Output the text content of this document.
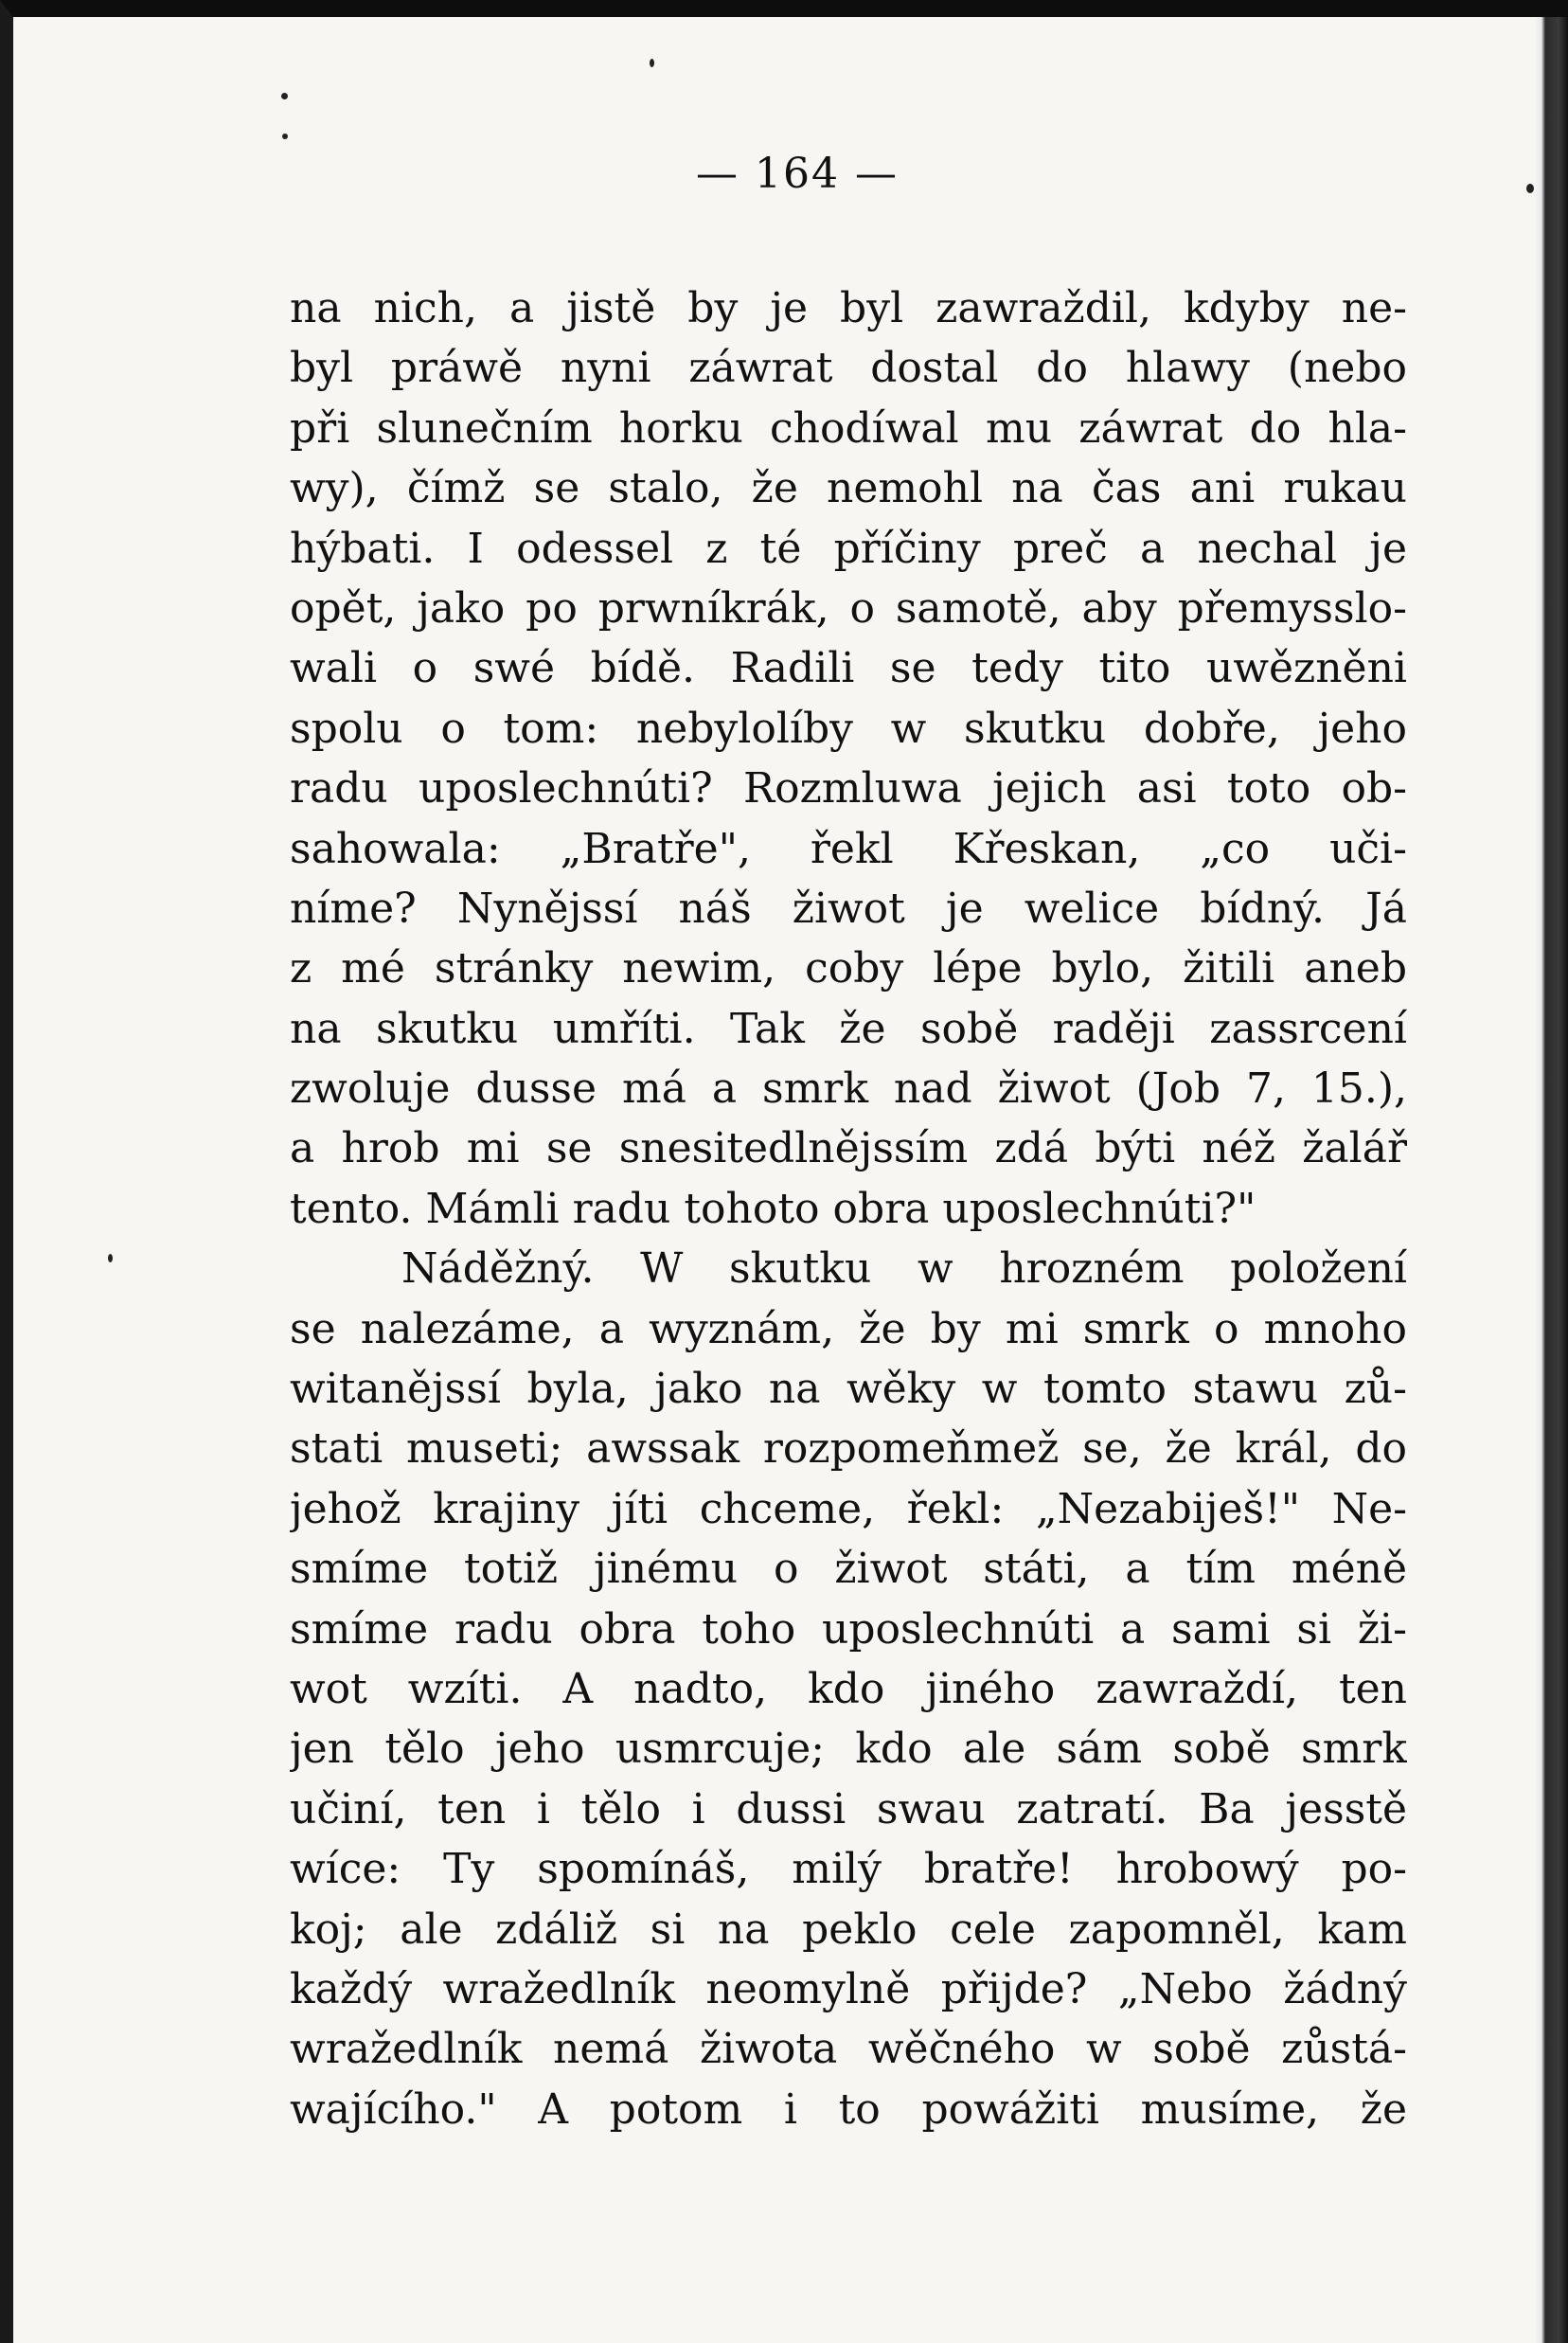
— 164 —
na nich, a jistě by je byl zawraždil, kdyby ne-
byl práwě nyni záwrat dostal do hlawy (nebo
při slunečním horku chodíwal mu záwrat do hla-
wy), čímž se stalo, že nemohl na čas ani rukau
hýbati. I odessel z té příčiny preč a nechal je
opět, jako po prwníkrák, o samotě, aby přemysslo-
wali o swé bídě. Radili se tedy tito uwězněni
spolu o tom: nebylolíby w skutku dobře, jeho
radu uposlechnúti? Rozmluwa jejich asi toto ob-
sahowala: „Bratře", řekl Křeskan, „co uči-
níme? Nynějssí náš žiwot je welice bídný. Já
z mé stránky newim, coby lépe bylo, žitili aneb
na skutku umříti. Tak že sobě raději zassrcení
zwoluje dusse má a smrk nad žiwot (Job 7, 15.),
a hrob mi se snesitedlnějssím zdá býti néž žalář
tento. Mámli radu tohoto obra uposlechnúti?"
Náděžný. W skutku w hrozném položení
se nalezáme, a wyznám, že by mi smrk o mnoho
witanějssí byla, jako na wěky w tomto stawu zů-
stati museti; awssak rozpomeňmež se, že král, do
jehož krajiny jíti chceme, řekl: „Nezabiješ!" Ne-
smíme totiž jinému o žiwot státi, a tím méně
smíme radu obra toho uposlechnúti a sami si ži-
wot wzíti. A nadto, kdo jiného zawraždí, ten
jen tělo jeho usmrcuje; kdo ale sám sobě smrk
učiní, ten i tělo i dussi swau zatratí. Ba jesstě
wíce: Ty spomínáš, milý bratře! hrobowý po-
koj; ale zdáliž si na peklo cele zapomněl, kam
každý wražedlník neomylně přijde? „Nebo žádný
wražedlník nemá žiwota wěčného w sobě zůstá-
wajícího." A potom i to powážiti musíme, že
